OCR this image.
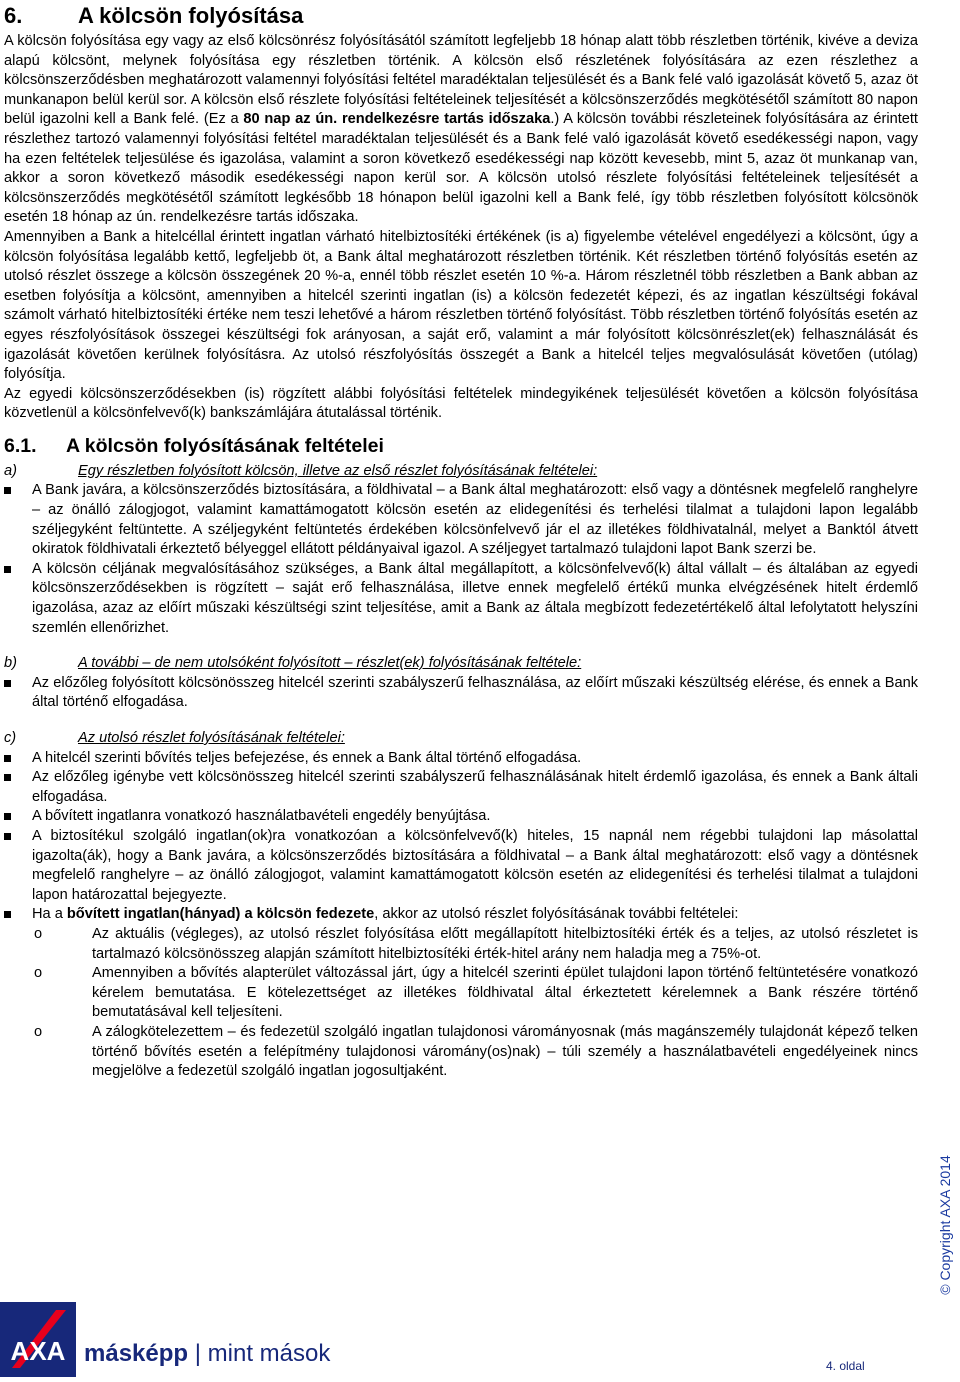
6.	A kölcsön folyósítása

A kölcsön folyósítása egy vagy az első kölcsönrész folyósításától számított legfeljebb 18 hónap alatt több részletben történik, kivéve a deviza alapú kölcsönt, melynek folyósítása egy részletben történik. A kölcsön első részletének folyósítására az ezen részlethez a kölcsönszerződésben meghatározott valamennyi folyósítási feltétel maradéktalan teljesülését és a Bank felé való igazolását követő 5, azaz öt munkanapon belül kerül sor. A kölcsön első részlete folyósítási feltételeinek teljesítését a kölcsönszerződés megkötésétől számított 80 napon belül igazolni kell a Bank felé. (Ez a 80 nap az ún. rendelkezésre tartás időszaka.) A kölcsön további részleteinek folyósítására az érintett részlethez tartozó valamennyi folyósítási feltétel maradéktalan teljesülését és a Bank felé való igazolását követő esedékességi napon, vagy ha ezen feltételek teljesülése és igazolása, valamint a soron következő esedékességi nap között kevesebb, mint 5, azaz öt munkanap van, akkor a soron következő második esedékességi napon kerül sor. A kölcsön utolsó részlete folyósítási feltételeinek teljesítését a kölcsönszerződés megkötésétől számított legkésőbb 18 hónapon belül igazolni kell a Bank felé, így több részletben folyósított kölcsönök esetén 18 hónap az ún. rendelkezésre tartás időszaka.

Amennyiben a Bank a hitelcéllal érintett ingatlan várható hitelbiztosítéki értékének (is a) figyelembe vételével engedélyezi a kölcsönt, úgy a kölcsön folyósítása legalább kettő, legfeljebb öt, a Bank által meghatározott részletben történik. Két részletben történő folyósítás esetén az utolsó részlet összege a kölcsön összegének 20 %-a, ennél több részlet esetén 10 %-a. Három részletnél több részletben a Bank abban az esetben folyósítja a kölcsönt, amennyiben a hitelcél szerinti ingatlan (is) a kölcsön fedezetét képezi, és az ingatlan készültségi fokával számolt várható hitelbiztosítéki értéke nem teszi lehetővé a három részletben történő folyósítást. Több részletben történő folyósítás esetén az egyes részfolyósítások összegei készültségi fok arányosan, a saját erő, valamint a már folyósított kölcsönrészlet(ek) felhasználását és igazolását követően kerülnek folyósításra. Az utolsó részfolyósítás összegét a Bank a hitelcél teljes megvalósulását követően (utólag) folyósítja.

Az egyedi kölcsönszerződésekben (is) rögzített alábbi folyósítási feltételek mindegyikének teljesülését követően a kölcsön folyósítása közvetlenül a kölcsönfelvevő(k) bankszámlájára átutalással történik.

6.1. A kölcsön folyósításának feltételei

a)	Egy részletben folyósított kölcsön, illetve az első részlet folyósításának feltételei:

A Bank javára, a kölcsönszerződés biztosítására, a földhivatal – a Bank által meghatározott: első vagy a döntésnek megfelelő ranghelyre – az önálló zálogjogot, valamint kamattámogatott kölcsön esetén az elidegenítési és terhelési tilalmat a tulajdoni lapon legalább széljegyként feltüntette. A széljegyként feltüntetés érdekében kölcsönfelvevő jár el az illetékes földhivatalnál, melyet a Banktól átvett okiratok földhivatali érkeztető bélyeggel ellátott példányaival igazol. A széljegyet tartalmazó tulajdoni lapot Bank szerzi be.
A kölcsön céljának megvalósításához szükséges, a Bank által megállapított, a kölcsönfelvevő(k) által vállalt – és általában az egyedi kölcsönszerződésekben is rögzített – saját erő felhasználása, illetve ennek megfelelő értékű munka elvégzésének hitelt érdemlő igazolása, azaz az előírt műszaki készültségi szint teljesítése, amit a Bank az általa megbízott fedezetértékelő által lefolytatott helyszíni szemlén ellenőrizhet.

b)	A további – de nem utolsóként folyósított – részlet(ek) folyósításának feltétele:

Az előzőleg folyósított kölcsönösszeg hitelcél szerinti szabályszerű felhasználása, az előírt műszaki készültség elérése, és ennek a Bank által történő elfogadása.

c)	Az utolsó részlet folyósításának feltételei:

A hitelcél szerinti bővítés teljes befejezése, és ennek a Bank által történő elfogadása.
Az előzőleg igénybe vett kölcsönösszeg hitelcél szerinti szabályszerű felhasználásának hitelt érdemlő igazolása, és ennek a Bank általi elfogadása.
A bővített ingatlanra vonatkozó használatbavételi engedély benyújtása.
A biztosítékul szolgáló ingatlan(ok)ra vonatkozóan a kölcsönfelvevő(k) hiteles, 15 napnál nem régebbi tulajdoni lap másolattal igazolta(ák), hogy a Bank javára, a kölcsönszerződés biztosítására a földhivatal – a Bank által meghatározott: első vagy a döntésnek megfelelő ranghelyre – az önálló zálogjogot, valamint kamattámogatott kölcsön esetén az elidegenítési és terhelési tilalmat a tulajdoni lapon határozattal bejegyezte.
Ha a bővített ingatlan(hányad) a kölcsön fedezete, akkor az utolsó részlet folyósításának további feltételei:
o	Az aktuális (végleges), az utolsó részlet folyósítása előtt megállapított hitelbiztosítéki érték és a teljes, az utolsó részletet is tartalmazó kölcsönösszeg alapján számított hitelbiztosítéki érték-hitel arány nem haladja meg a 75%-ot.
o	Amennyiben a bővítés alapterület változással járt, úgy a hitelcél szerinti épület tulajdoni lapon történő feltüntetésére vonatkozó kérelem bemutatása. E kötelezettséget az illetékes földhivatal által érkeztetett kérelemnek a Bank részére történő bemutatásával kell teljesíteni.
o	A zálogkötelezettem – és fedezetül szolgáló ingatlan tulajdonosi várományosnak (más magánszemély tulajdonát képező telken történő bővítés esetén a felépítmény tulajdonosi váromány(os)nak) – túli személy a használatbavételi engedélyeinek nincs megjelölve a fedezetül szolgáló ingatlan jogosultjaként.
© Copyright AXA 2014
AXA másképp | mint mások	4. oldal
